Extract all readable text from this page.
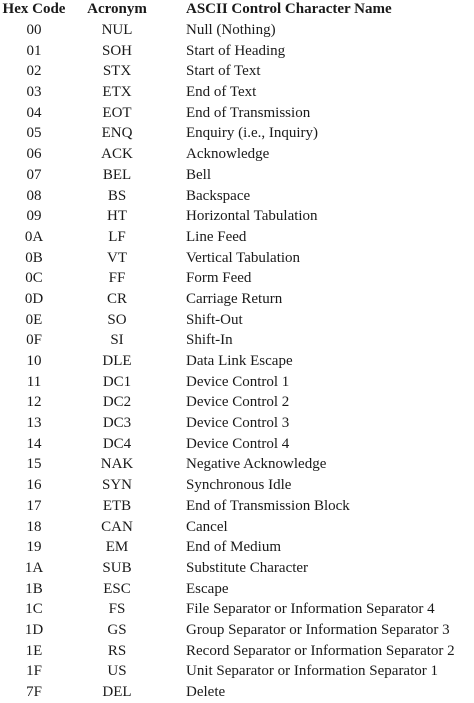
Hex Code	Acronym	ASCII Control Character Name
00	NUL	Null (Nothing)
01	SOH	Start of Heading
02	STX	Start of Text
03	ETX	End of Text
04	EOT	End of Transmission
05	ENQ	Enquiry (i.e., Inquiry)
06	ACK	Acknowledge
07	BEL	Bell
08	BS	Backspace
09	HT	Horizontal Tabulation
0A	LF	Line Feed
0B	VT	Vertical Tabulation
0C	FF	Form Feed
0D	CR	Carriage Return
0E	SO	Shift-Out
0F	SI	Shift-In
10	DLE	Data Link Escape
11	DC1	Device Control 1
12	DC2	Device Control 2
13	DC3	Device Control 3
14	DC4	Device Control 4
15	NAK	Negative Acknowledge
16	SYN	Synchronous Idle
17	ETB	End of Transmission Block
18	CAN	Cancel
19	EM	End of Medium
1A	SUB	Substitute Character
1B	ESC	Escape
1C	FS	File Separator or Information Separator 4
1D	GS	Group Separator or Information Separator 3
1E	RS	Record Separator or Information Separator 2
1F	US	Unit Separator or Information Separator 1
7F	DEL	Delete
